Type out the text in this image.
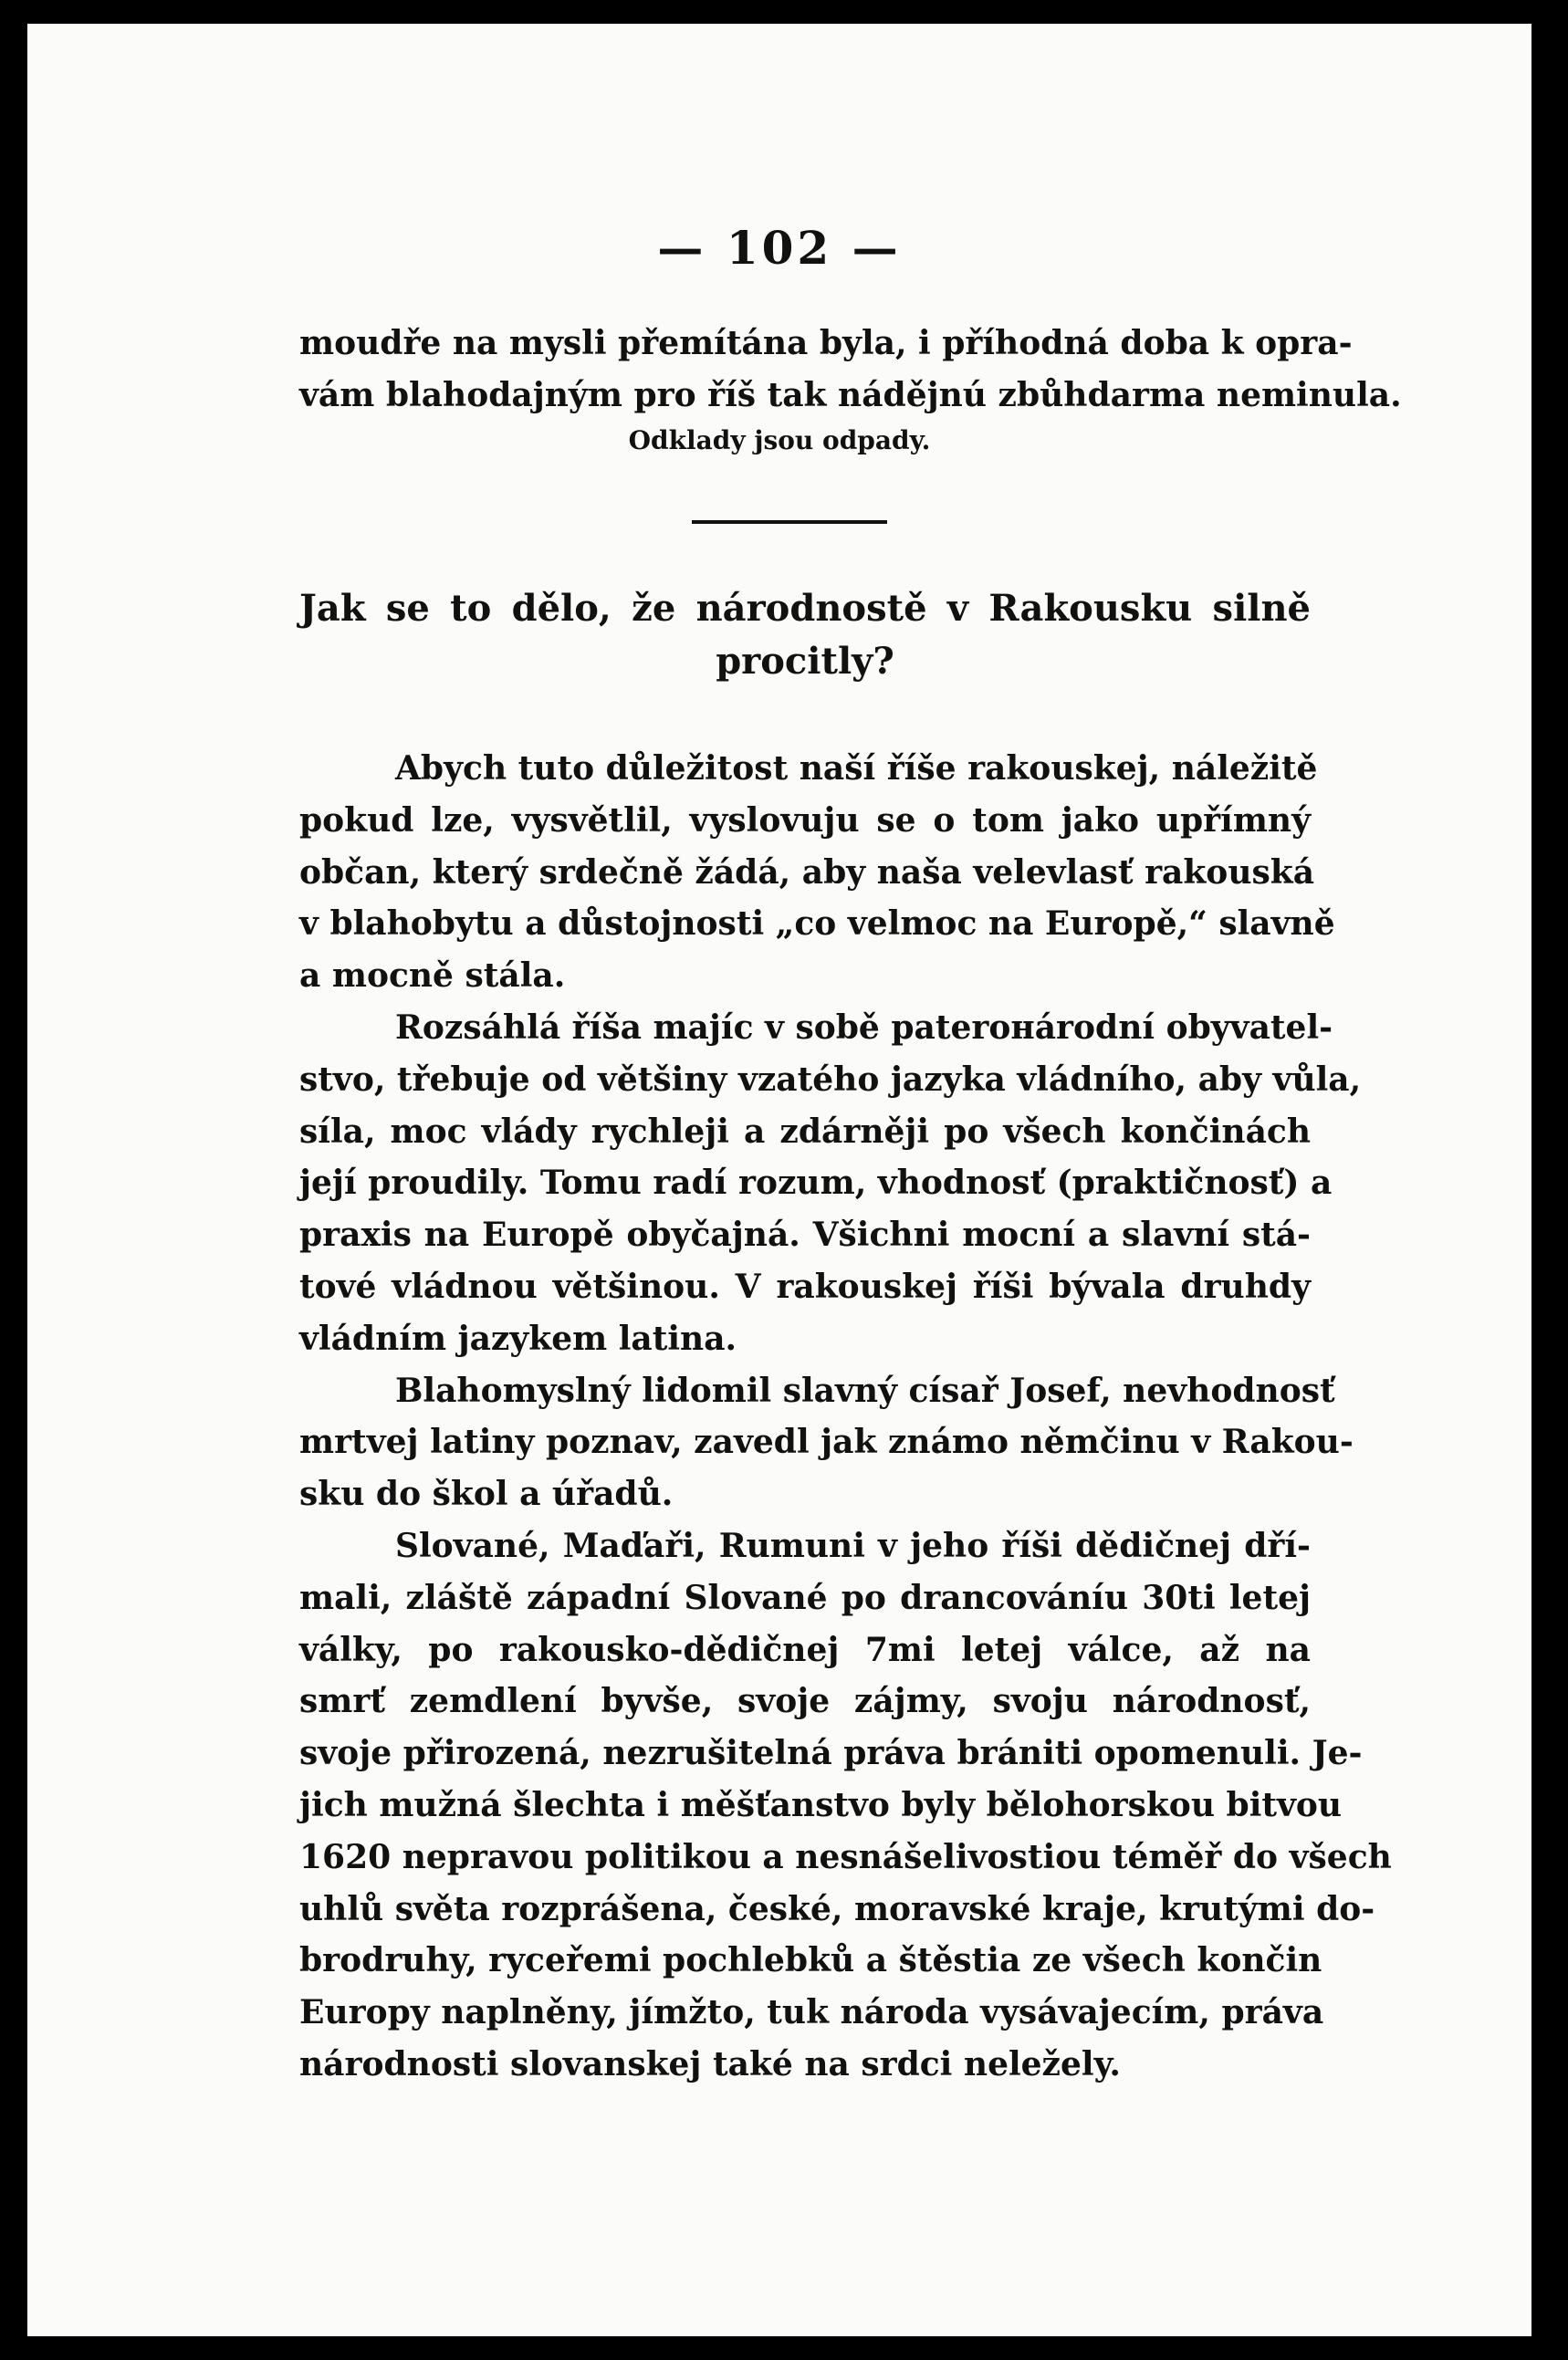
— 102 —
moudře na mysli přemítána byla, i příhodná doba k opra-
vám blahodajným pro říš tak nádějnú zbůhdarma neminula.
Odklady jsou odpady.
Jak se to dělo, že národnostě v Rakousku silně
procitly?
Abych tuto důležitost naší říše rakouskej, náležitě
pokud lze, vysvětlil, vyslovuju se o tom jako upřímný
občan, který srdečně žádá, aby naša velevlasť rakouská
v blahobytu a důstojnosti „co velmoc na Europě,“ slavně
a mocně stála.
Rozsáhlá říša majíc v sobě paterонárodní obyvatel-
stvo, třebuje od většiny vzatého jazyka vládního, aby vůla,
síla, moc vlády rychleji a zdárněji po všech končinách
její proudily. Tomu radí rozum, vhodnosť (praktičnosť) a
praxis na Europě obyčajná. Všichni mocní a slavní stá-
tové vládnou většinou. V rakouskej říši bývala druhdy
vládním jazykem latina.
Blahomyslný lidomil slavný císař Josef, nevhodnosť
mrtvej latiny poznav, zavedl jak známo němčinu v Rakou-
sku do škol a úřadů.
Slované, Maďaři, Rumuni v jeho říši dědičnej dří-
mali, zláště západní Slované po drancováníu 30ti letej
války, po rakousko-dědičnej 7mi letej válce, až na
smrť zemdlení byvše, svoje zájmy, svoju národnosť,
svoje přirozená, nezrušitelná práva brániti opomenuli. Je-
jich mužná šlechta i měšťanstvo byly bělohorskou bitvou
1620 nepravou politikou a nesnášelivostiou téměř do všech
uhlů světa rozprášena, české, moravské kraje, krutými do-
brodruhy, rycеřemi pochlebků a štěstia ze všech končin
Europy naplněny, jímžto, tuk národa vysávajecím, práva
národnosti slovanskej také na srdci nelеžely.
